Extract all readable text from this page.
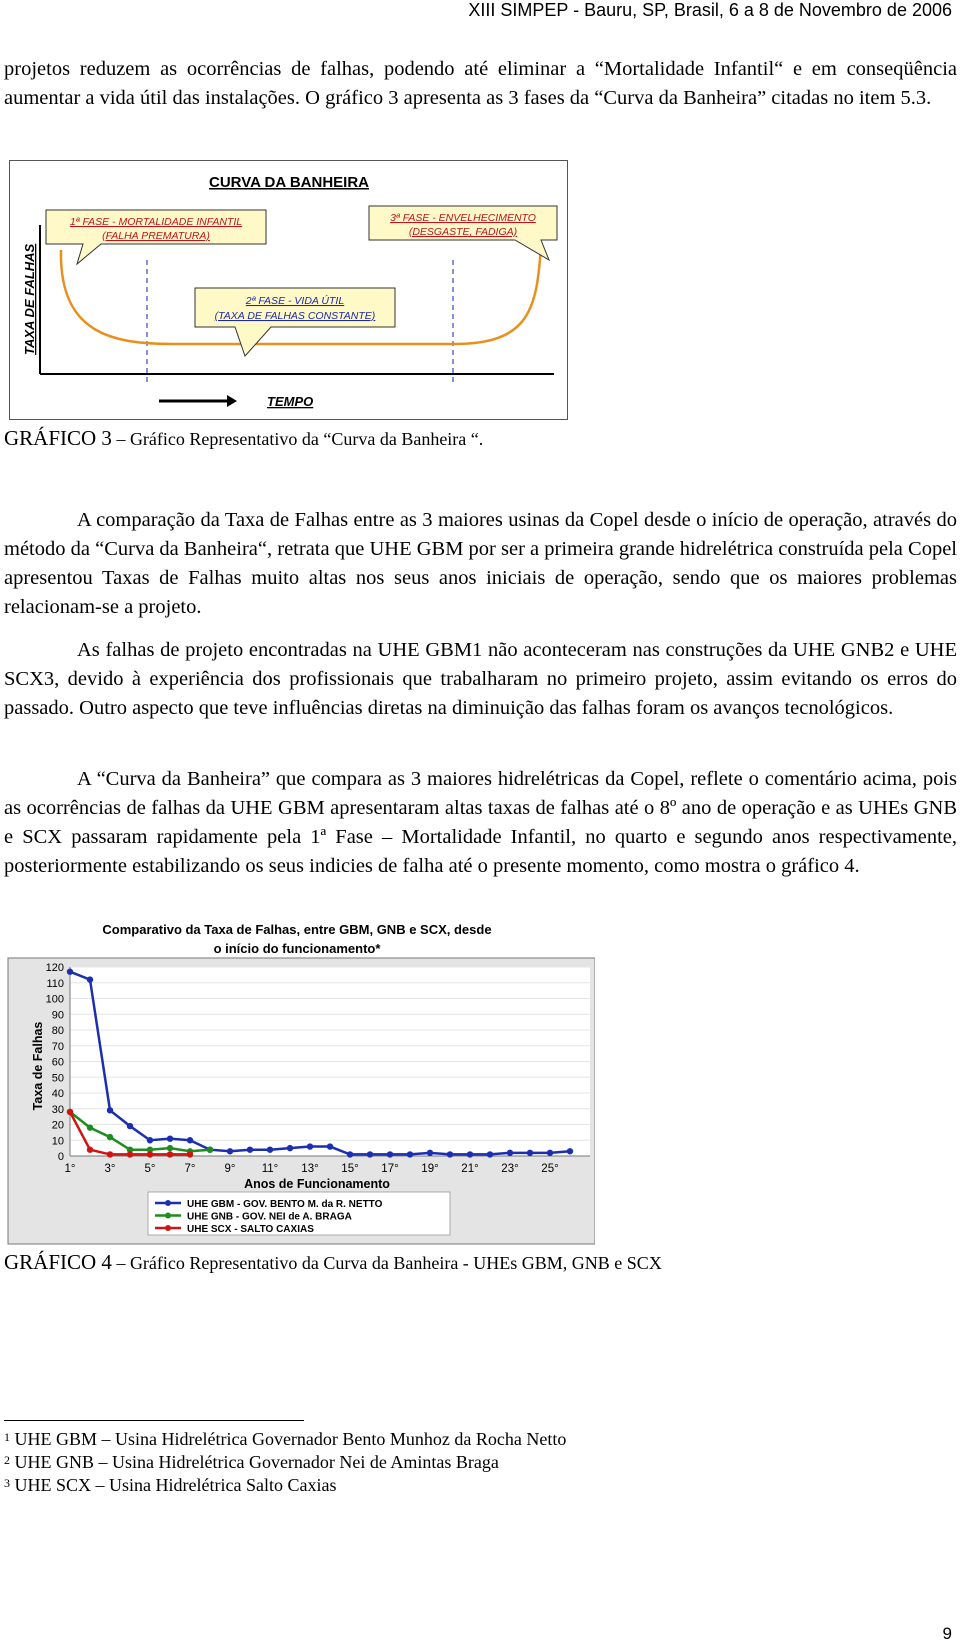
XIII SIMPEP - Bauru, SP, Brasil, 6 a 8 de Novembro de 2006

projetos reduzem as ocorrências de falhas, podendo até eliminar a “Mortalidade Infantil“ e em conseqüência aumentar a vida útil das instalações. O gráfico 3 apresenta as 3 fases da “Curva da Banheira” citadas no item 5.3.

CURVA DA BANHEIRA
1ª FASE - MORTALIDADE INFANTIL
(FALHA PREMATURA)
3ª FASE - ENVELHECIMENTO
(DESGASTE, FADIGA)
2ª FASE - VIDA ÚTIL
(TAXA DE FALHAS CONSTANTE)
TAXA DE FALHAS
TEMPO
GRÁFICO 3 – Gráfico Representativo da “Curva da Banheira “.

A comparação da Taxa de Falhas entre as 3 maiores usinas da Copel desde o início de operação, através do método da “Curva da Banheira“, retrata que UHE GBM por ser a primeira grande hidrelétrica construída pela Copel apresentou Taxas de Falhas muito altas nos seus anos iniciais de operação, sendo que os maiores problemas relacionam-se a projeto.

As falhas de projeto encontradas na UHE GBM1 não aconteceram nas construções da UHE GNB2 e UHE SCX3, devido à experiência dos profissionais que trabalharam no primeiro projeto, assim evitando os erros do passado. Outro aspecto que teve influências diretas na diminuição das falhas foram os avanços tecnológicos.

A “Curva da Banheira” que compara as 3 maiores hidrelétricas da Copel, reflete o comentário acima, pois as ocorrências de falhas da UHE GBM apresentaram altas taxas de falhas até o 8º ano de operação e as UHEs GNB e SCX passaram rapidamente pela 1ª Fase – Mortalidade Infantil, no quarto e segundo anos respectivamente, posteriormente estabilizando os seus indicies de falha até o presente momento, como mostra o gráfico 4.

Comparativo da Taxa de Falhas, entre GBM, GNB e SCX, desde
o início do funcionamento*
0
10
20
30
40
50
60
70
80
90
100
110
120
1°	3°	5°	7°	9° 11° 13° 15° 17° 19° 21° 23° 25°
Taxa de Falhas
Anos de Funcionamento
UHE GBM - GOV. BENTO M. da R. NETTO
UHE GNB - GOV. NEI de A. BRAGA
UHE SCX - SALTO CAXIAS
GRÁFICO 4 – Gráfico Representativo da Curva da Banheira - UHEs GBM, GNB e SCX
$^1$ UHE GBM – Usina Hidrelétrica Governador Bento Munhoz da Rocha Netto
$^2$ UHE GNB – Usina Hidrelétrica Governador Nei de Amintas Braga
$^3$ UHE SCX – Usina Hidrelétrica Salto Caxias
9
